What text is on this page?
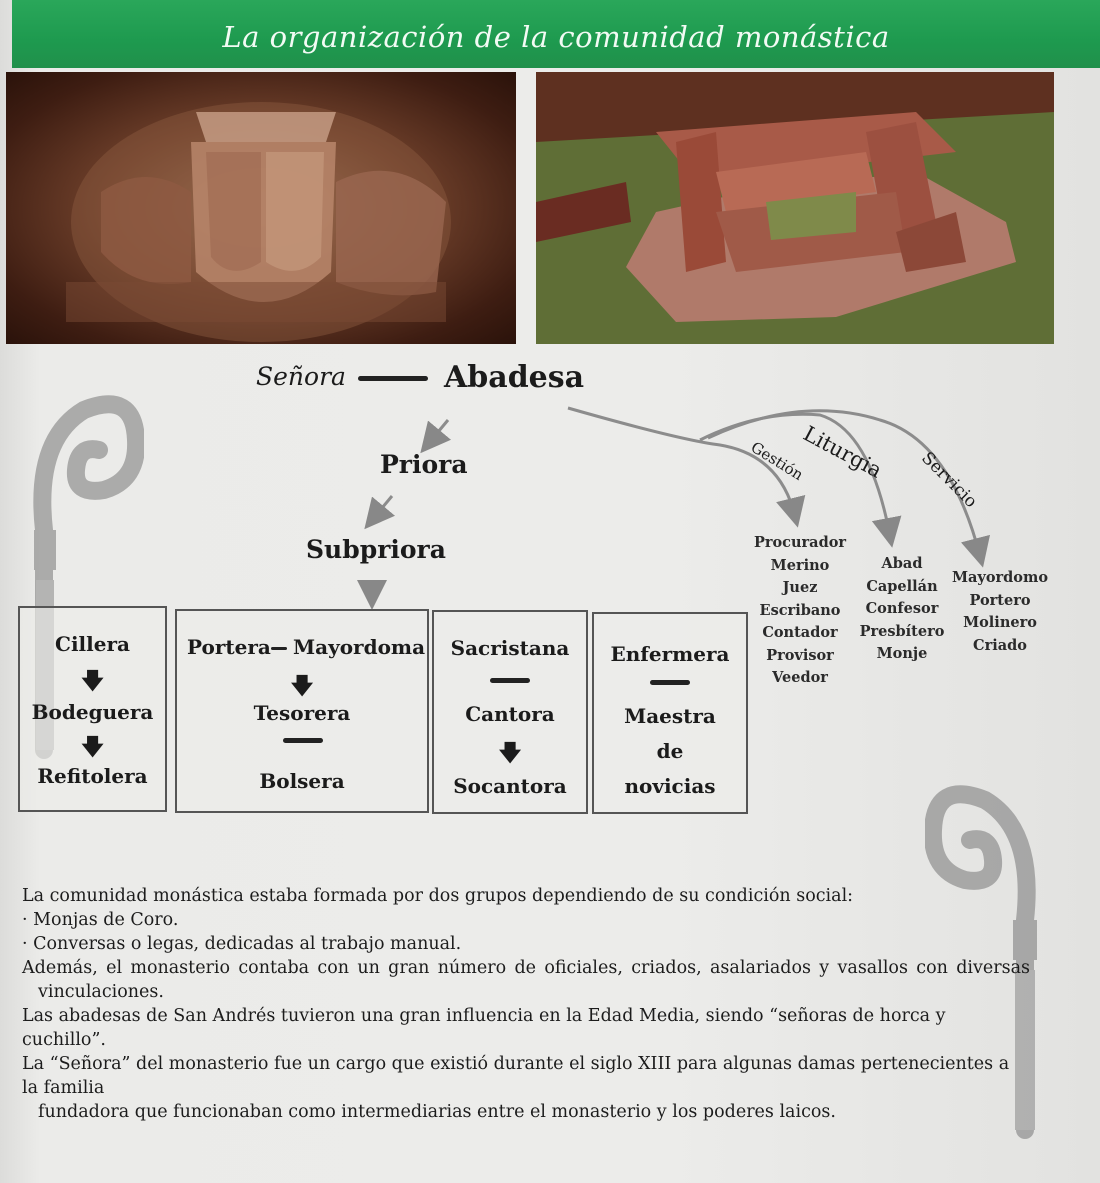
La organización de la comunidad monástica
Señora	Abadesa
Priora
Subpriora
Gestión
Liturgia Servicio
Procurador
Merino
Juez
Escribano
Contador
Provisor
Veedor
Abad
Capellán
Confesor
Presbítero
Monje
Mayordomo
Portero
Molinero
Criado
Cillera
🡇
Bodeguera
🡇
Refitolera
Portera Mayordoma
🡇
Tesorera
Bolsera
Sacristana
Cantora
🡇
Socantora
Enfermera
Maestra
de
novicias

La comunidad monástica estaba formada por dos grupos dependiendo de su condición social:

· Monjas de Coro.

· Conversas o legas, dedicadas al trabajo manual.

Además, el monasterio contaba con un gran número de oficiales, criados, asalariados y vasallos con diversas

vinculaciones.

Las abadesas de San Andrés tuvieron una gran influencia en la Edad Media, siendo “señoras de horca y cuchillo”.

La “Señora” del monasterio fue un cargo que existió durante el siglo XIII para algunas damas pertenecientes a la familia

fundadora que funcionaban como intermediarias entre el monasterio y los poderes laicos.
